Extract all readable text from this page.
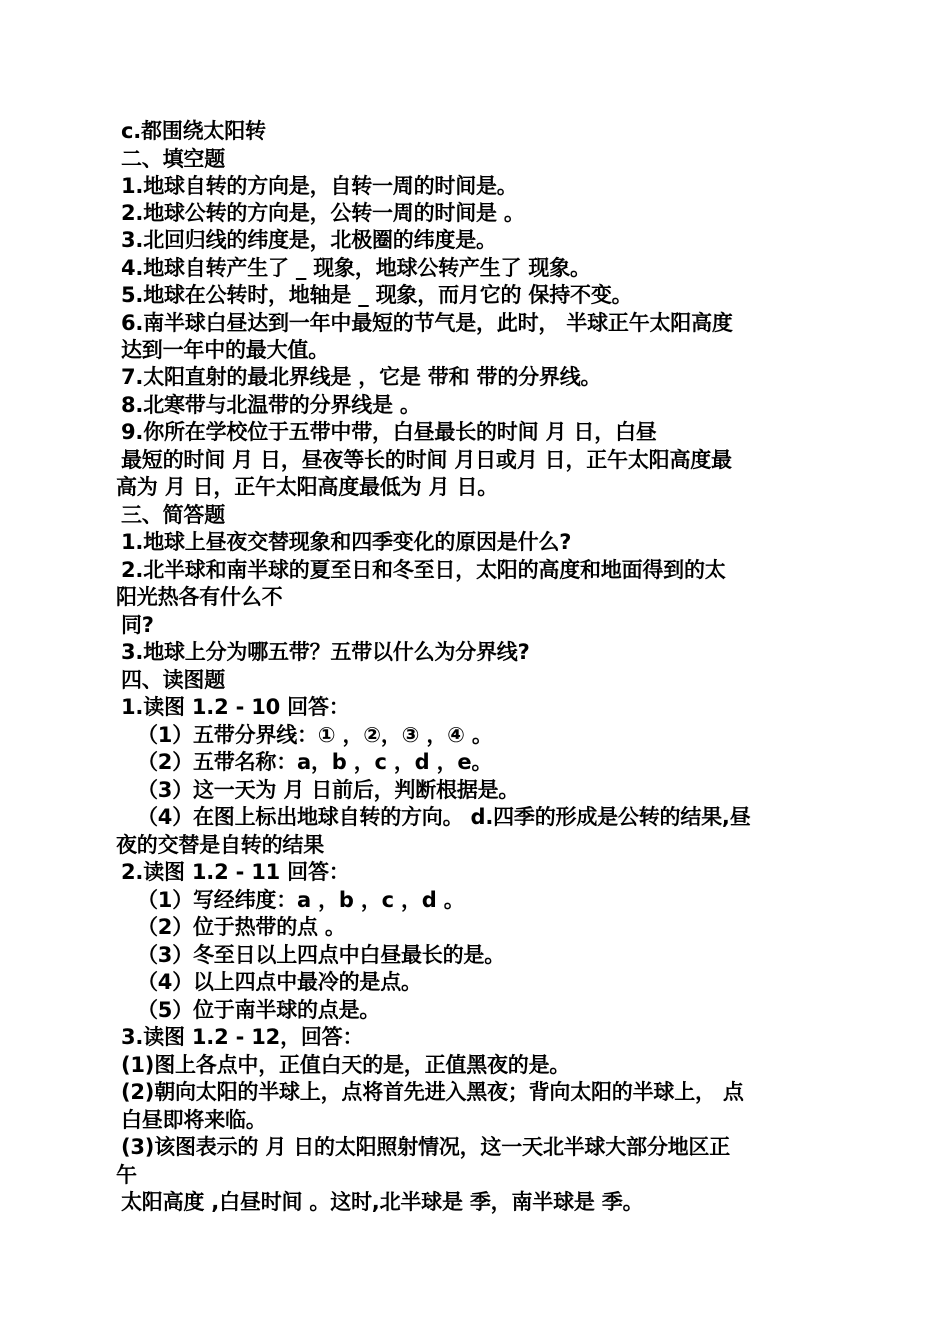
c.都围绕太阳转
二、填空题
1.地球自转的方向是，自转一周的时间是。
2.地球公转的方向是，公转一周的时间是 。
3.北回归线的纬度是，北极圈的纬度是。
4.地球自转产生了 _ 现象，地球公转产生了 现象。
5.地球在公转时，地轴是 _ 现象，而月它的 保持不变。
6.南半球白昼达到一年中最短的节气是，此时， 半球正午太阳高度
达到一年中的最大值。
7.太阳直射的最北界线是 ，它是 带和 带的分界线。
8.北寒带与北温带的分界线是 。
9.你所在学校位于五带中带，白昼最长的时间 月 日，白昼
最短的时间 月 日，昼夜等长的时间 月日或月 日，正午太阳高度最
高为 月 日，正午太阳高度最低为 月 日。
三、简答题
1.地球上昼夜交替现象和四季变化的原因是什么?
2.北半球和南半球的夏至日和冬至日，太阳的高度和地面得到的太
阳光热各有什么不
同?
3.地球上分为哪五带？五带以什么为分界线?
四、读图题
1.读图 1.2 - 10 回答：
（1）五带分界线：① ，②，③ ，④ 。
（2）五带名称：a，b ，c ，d ，e。
（3）这一天为 月 日前后，判断根据是。
（4）在图上标出地球自转的方向。 d.四季的形成是公转的结果,昼
夜的交替是自转的结果
2.读图 1.2 - 11 回答：
（1）写经纬度：a ，b ，c ，d 。
（2）位于热带的点 。
（3）冬至日以上四点中白昼最长的是。
（4）以上四点中最冷的是点。
（5）位于南半球的点是。
3.读图 1.2 - 12，回答：
(1)图上各点中，正值白天的是，正值黑夜的是。
(2)朝向太阳的半球上，点将首先进入黑夜；背向太阳的半球上， 点
白昼即将来临。
(3)该图表示的 月 日的太阳照射情况，这一天北半球大部分地区正
午
太阳高度 ,白昼时间 。这时,北半球是 季，南半球是 季。
